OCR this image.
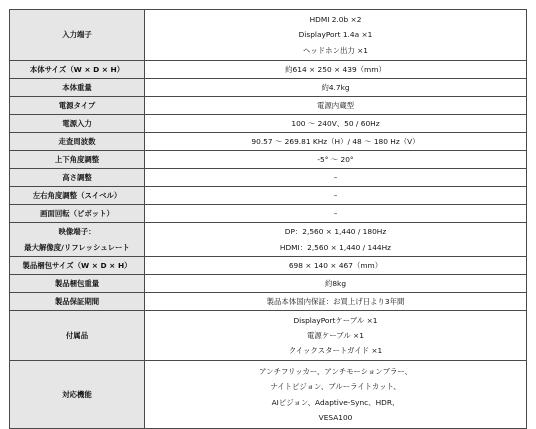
入力端子	HDMI 2.0b ×2
DisplayPort 1.4a ×1
ヘッドホン出力 ×1

本体サイズ（W × D × H）	約614 × 250 × 439（mm）

本体重量	約4.7kg

電源タイプ	電源内蔵型

電源入力	100 ～ 240V、50 / 60Hz

走査周波数	90.57 ～ 269.81 KHz（H）/ 48 ～ 180 Hz（V）

上下角度調整	-5° ～ 20°

高さ調整	–

左右角度調整（スイベル）	–

画面回転（ピボット）	–

映像端子：
最大解像度/リフレッシュレート	DP：2,560 × 1,440 / 180Hz
HDMI：2,560 × 1,440 / 144Hz

製品梱包サイズ（W × D × H）	698 × 140 × 467（mm）

製品梱包重量	約8kg

製品保証期間	製品本体国内保証：お買上げ日より3年間

付属品	DisplayPortケーブル ×1
電源ケーブル ×1
クイックスタートガイド ×1

対応機能	アンチフリッカー、アンチモーションブラー、
ナイトビジョン、ブルーライトカット、
AIビジョン、Adaptive-Sync、HDR、
VESA100
